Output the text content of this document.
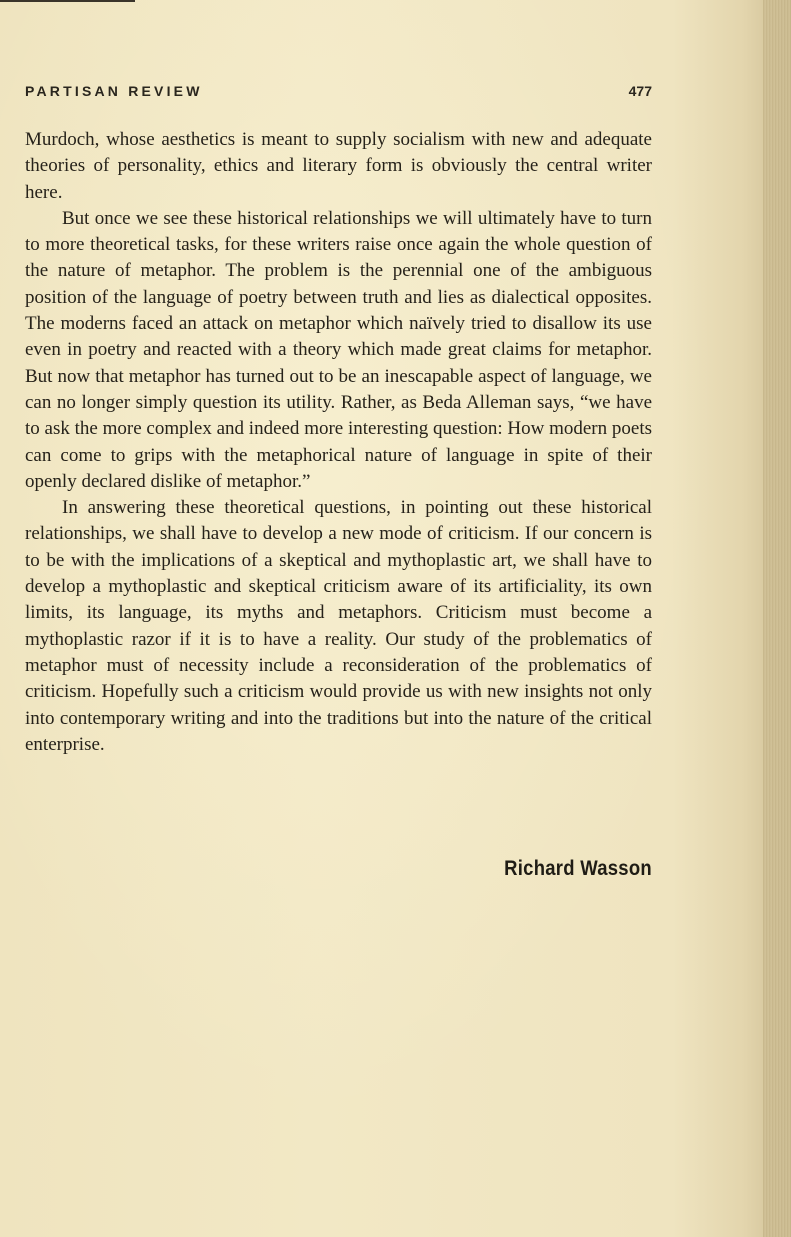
PARTISAN REVIEW	477

Murdoch, whose aesthetics is meant to supply socialism with new and adequate theories of personality, ethics and literary form is obviously the central writer here.

But once we see these historical relationships we will ultimately have to turn to more theoretical tasks, for these writers raise once again the whole question of the nature of metaphor. The problem is the perennial one of the ambiguous position of the language of poetry between truth and lies as dialectical opposites. The moderns faced an attack on metaphor which naïvely tried to disallow its use even in poetry and reacted with a theory which made great claims for metaphor. But now that metaphor has turned out to be an inescapable aspect of language, we can no longer simply question its utility. Rather, as Beda Alleman says, “we have to ask the more complex and indeed more interesting question: How modern poets can come to grips with the metaphorical nature of language in spite of their openly declared dislike of metaphor.”

In answering these theoretical questions, in pointing out these historical relationships, we shall have to develop a new mode of criticism. If our concern is to be with the implications of a skeptical and mythoplastic art, we shall have to develop a mythoplastic and skeptical criticism aware of its artificiality, its own limits, its language, its myths and metaphors. Criticism must become a mythoplastic razor if it is to have a reality. Our study of the problematics of metaphor must of necessity include a reconsideration of the problematics of criticism. Hopefully such a criticism would provide us with new insights not only into contemporary writing and into the traditions but into the nature of the critical enterprise.

Richard Wasson
